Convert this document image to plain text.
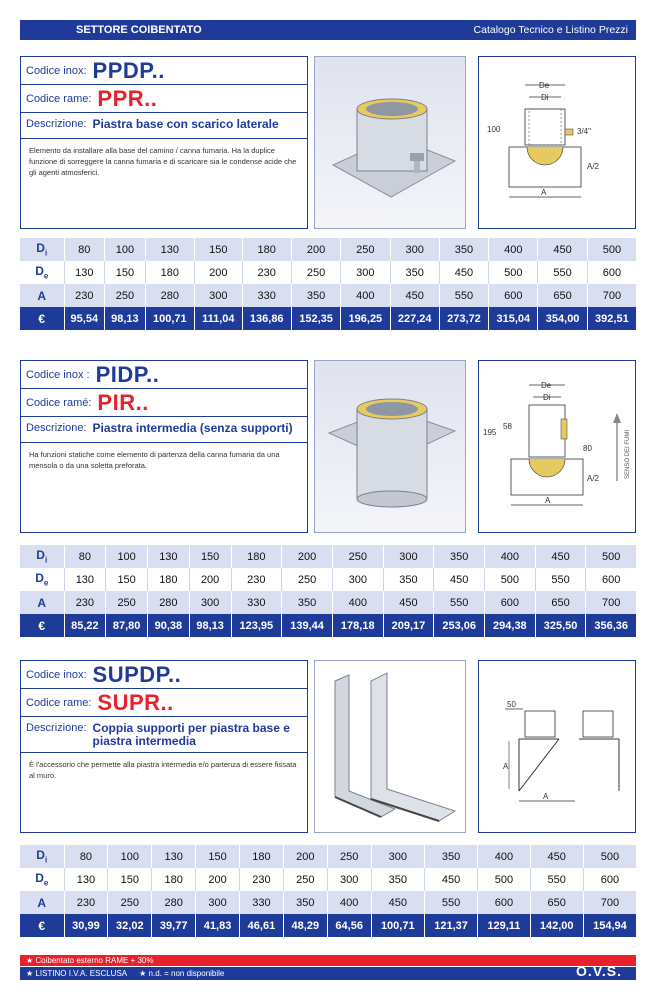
SETTORE COIBENTATO	Catalogo Tecnico e Listino Prezzi
Codice inox: PPDP..
Codice rame: PPR..
Descrizione: Piastra base con scarico laterale
Elemento da installare alla base del camino / canna fumaria. Ha la duplice funzione di sorreggere la canna fumaria e di scaricare sia le condense acide che gli agenti atmosferici.
De
Di
100	3/4"
A/2
A
$D_i$	80	100	130	150	180	200	250	300	350	400	450	500
$D_e$	130	150	180	200	230	250	300	350	450	500	550	600
A	230	250	280	300	330	350	400	450	550	600	650	700
€	95,54	98,13	100,71	111,04	136,86	152,35	196,25	227,24	273,72	315,04	354,00	392,51
Codice inox : PIDP..
Codice ramé: PIR..
Descrizione: Piastra intermedia (senza supporti)
Ha funzioni statiche come elemento di partenza della canna fumaria da una mensola o da una soletta preforata.
De
Di
195
58
80
A/2
A
SENSO DEI FUMI
$D_i$	80	100	130	150	180	200	250	300	350	400	450	500
$D_e$	130	150	180	200	230	250	300	350	450	500	550	600
A	230	250	280	300	330	350	400	450	550	600	650	700
€	85,22	87,80	90,38	98,13	123,95	139,44	178,18	209,17	253,06	294,38	325,50	356,36
Codice inox: SUPDP..
Codice rame: SUPR..
Descrizione: Coppia supporti per piastra base e piastra intermedia
È l'accessorio che permette alla piastra intermedia e/o partenza di essere fissata al muro.
50
A
A
$D_i$	80	100	130	150	180	200	250	300	350	400	450	500
$D_e$	130	150	180	200	230	250	300	350	450	500	550	600
A	230	250	280	300	330	350	400	450	550	600	650	700
€	30,99	32,02	39,77	41,83	46,61	48,29	64,56	100,71	121,37	129,11	142,00	154,94
★ Coibentato esterno RAME + 30%
★ LISTINO I.V.A. ESCLUSA ★ n.d. = non disponibile	O.V.S.
